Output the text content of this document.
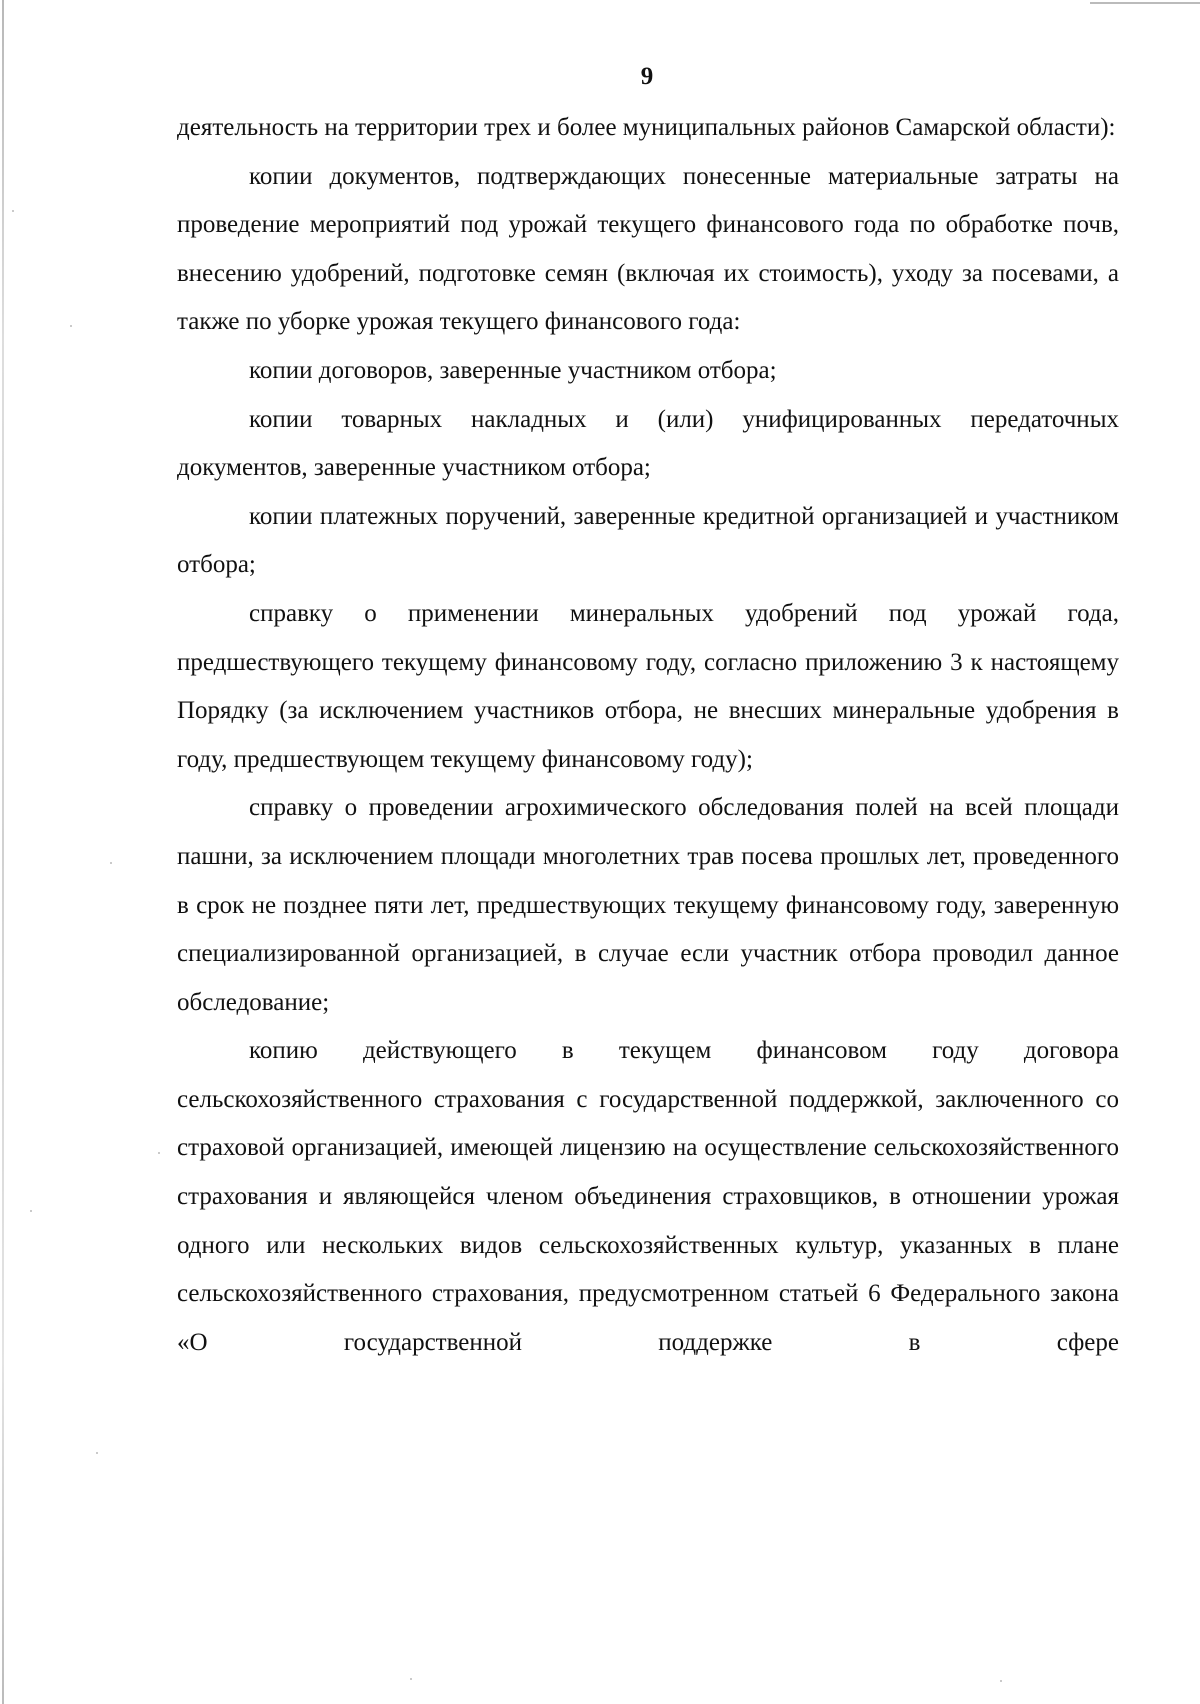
9

деятельность на территории трех и более муниципальных районов Самарской области):

копии документов, подтверждающих понесенные материальные затраты на проведение мероприятий под урожай текущего финансового года по обработке почв, внесению удобрений, подготовке семян (включая их стоимость), уходу за посевами, а также по уборке урожая текущего финансового года:

копии договоров, заверенные участником отбора;

копии товарных накладных и (или) унифицированных передаточных документов, заверенные участником отбора;

копии платежных поручений, заверенные кредитной организацией и участником отбора;

справку о применении минеральных удобрений под урожай года, предшествующего текущему финансовому году, согласно приложению 3 к настоящему Порядку (за исключением участников отбора, не внесших минеральные удобрения в году, предшествующем текущему финансовому году);

справку о проведении агрохимического обследования полей на всей площади пашни, за исключением площади многолетних трав посева прошлых лет, проведенного в срок не позднее пяти лет, предшествующих текущему финансовому году, заверенную специализированной организацией, в случае если участник отбора проводил данное обследование;

копию действующего в текущем финансовом году договора сельскохозяйственного страхования с государственной поддержкой, заключенного со страховой организацией, имеющей лицензию на осуществление сельскохозяйственного страхования и являющейся членом объединения страховщиков, в отношении урожая одного или нескольких видов сельскохозяйственных культур, указанных в плане сельскохозяйственного страхования, предусмотренном статьей 6 Федерального закона «О государственной поддержке в сфере
